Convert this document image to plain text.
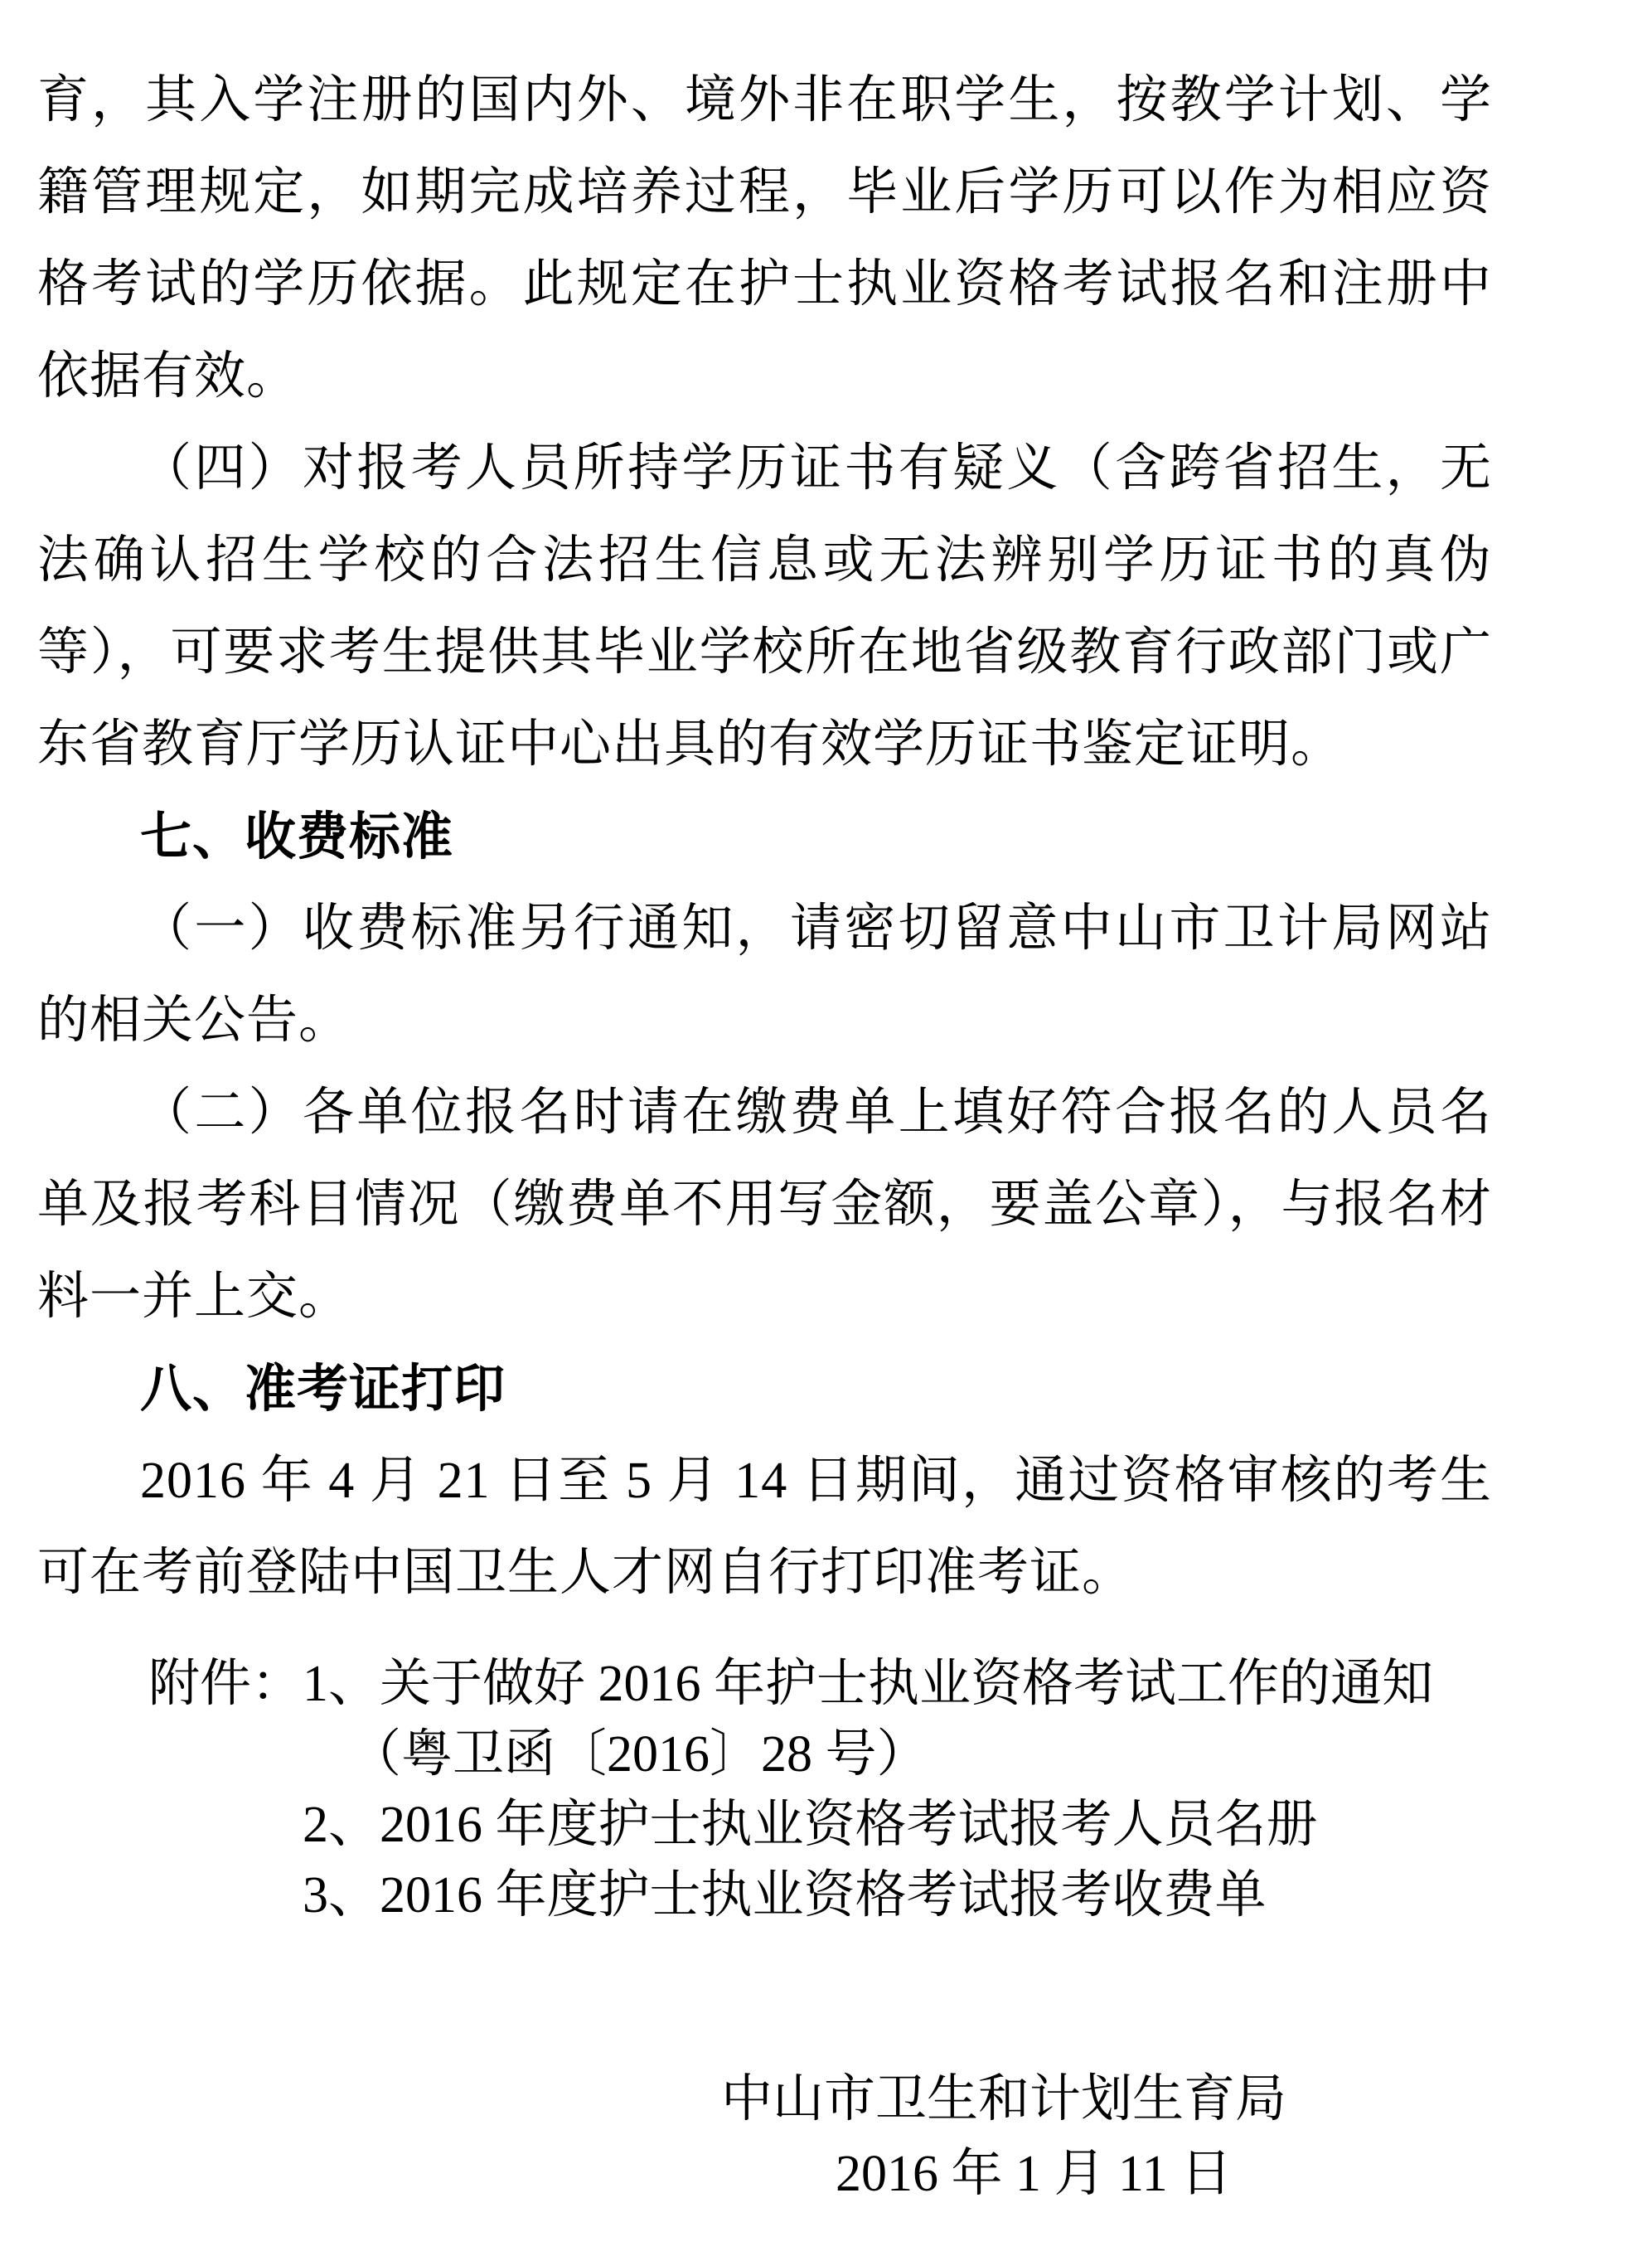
育，其入学注册的国内外、境外非在职学生，按教学计划、学籍管理规定，如期完成培养过程，毕业后学历可以作为相应资格考试的学历依据。此规定在护士执业资格考试报名和注册中依据有效。

（四）对报考人员所持学历证书有疑义（含跨省招生，无法确认招生学校的合法招生信息或无法辨别学历证书的真伪等），可要求考生提供其毕业学校所在地省级教育行政部门或广东省教育厅学历认证中心出具的有效学历证书鉴定证明。

七、收费标准

（一）收费标准另行通知，请密切留意中山市卫计局网站的相关公告。

（二）各单位报名时请在缴费单上填好符合报名的人员名单及报考科目情况（缴费单不用写金额，要盖公章），与报名材料一并上交。

八、准考证打印

2016 年 4 月 21 日至 5 月 14 日期间，通过资格审核的考生可在考前登陆中国卫生人才网自行打印准考证。

附件： 1、关于做好 2016 年护士执业资格考试工作的通知
（粤卫函〔2016〕28 号）
2、2016 年度护士执业资格考试报考人员名册
3、2016 年度护士执业资格考试报考收费单
中山市卫生和计划生育局
2016 年 1 月 11 日
